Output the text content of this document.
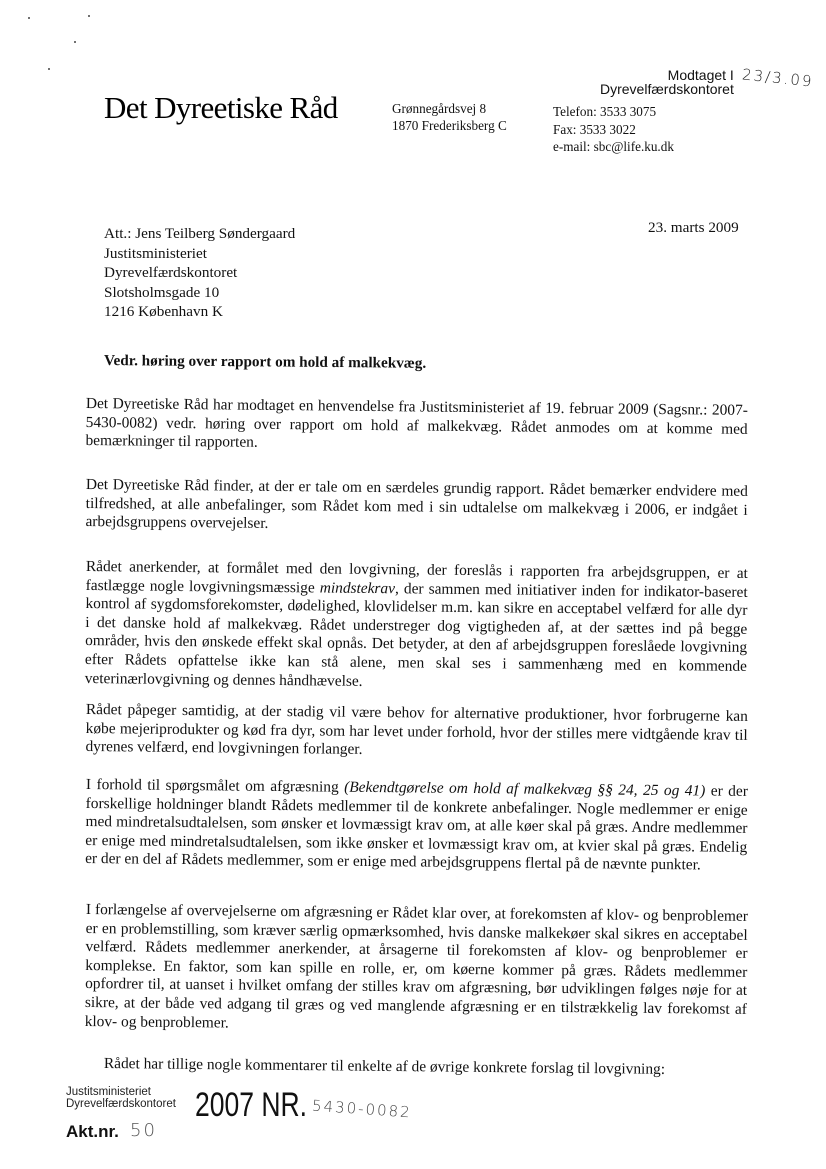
Det Dyreetiske Råd	Grønnegårdsvej 8
1870 Frederiksberg C
Telefon: 3533 3075
Fax: 3533 3022
e-mail: sbc@life.ku.dk
Modtaget I
Dyrevelfærdskontoret 23/3.09
Att.: Jens Teilberg Søndergaard
Justitsministeriet
Dyrevelfærdskontoret
Slotsholmsgade 10
1216 København K
23. marts 2009
Vedr. høring over rapport om hold af malkekvæg.

Det Dyreetiske Råd har modtaget en henvendelse fra Justitsministeriet af 19. februar 2009 (Sagsnr.: 2007-5430-0082) vedr. høring over rapport om hold af malkekvæg. Rådet anmodes om at komme med bemærkninger til rapporten.

Det Dyreetiske Råd finder, at der er tale om en særdeles grundig rapport. Rådet bemærker endvidere med tilfredshed, at alle anbefalinger, som Rådet kom med i sin udtalelse om malkekvæg i 2006, er indgået i arbejdsgruppens overvejelser.

Rådet anerkender, at formålet med den lovgivning, der foreslås i rapporten fra arbejdsgruppen, er at fastlægge nogle lovgivningsmæssige mindstekrav, der sammen med initiativer inden for indikator-baseret kontrol af sygdomsforekomster, dødelighed, klovlidelser m.m. kan sikre en acceptabel velfærd for alle dyr i det danske hold af malkekvæg. Rådet understreger dog vigtigheden af, at der sættes ind på begge områder, hvis den ønskede effekt skal opnås. Det betyder, at den af arbejdsgruppen foreslåede lovgivning efter Rådets opfattelse ikke kan stå alene, men skal ses i sammenhæng med en kommende veterinærlovgivning og dennes håndhævelse.

Rådet påpeger samtidig, at der stadig vil være behov for alternative produktioner, hvor forbrugerne kan købe mejeriprodukter og kød fra dyr, som har levet under forhold, hvor der stilles mere vidtgående krav til dyrenes velfærd, end lovgivningen forlanger.

I forhold til spørgsmålet om afgræsning (Bekendtgørelse om hold af malkekvæg §§ 24, 25 og 41) er der forskellige holdninger blandt Rådets medlemmer til de konkrete anbefalinger. Nogle medlemmer er enige med mindretalsudtalelsen, som ønsker et lovmæssigt krav om, at alle køer skal på græs. Andre medlemmer er enige med mindretalsudtalelsen, som ikke ønsker et lovmæssigt krav om, at kvier skal på græs. Endelig er der en del af Rådets medlemmer, som er enige med arbejdsgruppens flertal på de nævnte punkter.

I forlængelse af overvejelserne om afgræsning er Rådet klar over, at forekomsten af klov- og benproblemer er en problemstilling, som kræver særlig opmærksomhed, hvis danske malkekøer skal sikres en acceptabel velfærd. Rådets medlemmer anerkender, at årsagerne til forekomsten af klov- og benproblemer er komplekse. En faktor, som kan spille en rolle, er, om køerne kommer på græs. Rådets medlemmer opfordrer til, at uanset i hvilket omfang der stilles krav om afgræsning, bør udviklingen følges nøje for at sikre, at der både ved adgang til græs og ved manglende afgræsning er en tilstrækkelig lav forekomst af klov- og benproblemer.

Rådet har tillige nogle kommentarer til enkelte af de øvrige konkrete forslag til lovgivning:

Justitsministeriet
Dyrevelfærdskontoret 2007 NR. 5430-0082
Akt.nr. 50
